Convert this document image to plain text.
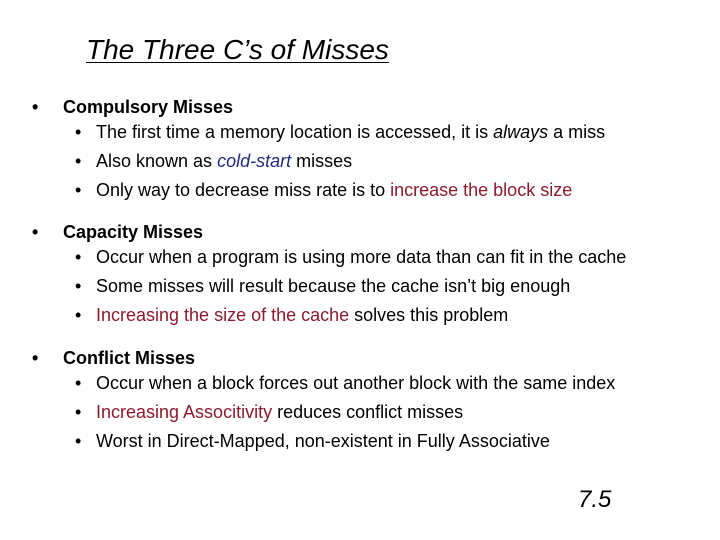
The Three C’s of Misses
• Compulsory Misses
• The first time a memory location is accessed, it is always a miss
• Also known as cold-start misses
• Only way to decrease miss rate is to increase the block size
• Capacity Misses
• Occur when a program is using more data than can fit in the cache
• Some misses will result because the cache isn’t big enough
• Increasing the size of the cache solves this problem
• Conflict Misses
• Occur when a block forces out another block with the same index
• Increasing Associtivity reduces conflict misses
• Worst in Direct-Mapped, non-existent in Fully Associative
7.5
